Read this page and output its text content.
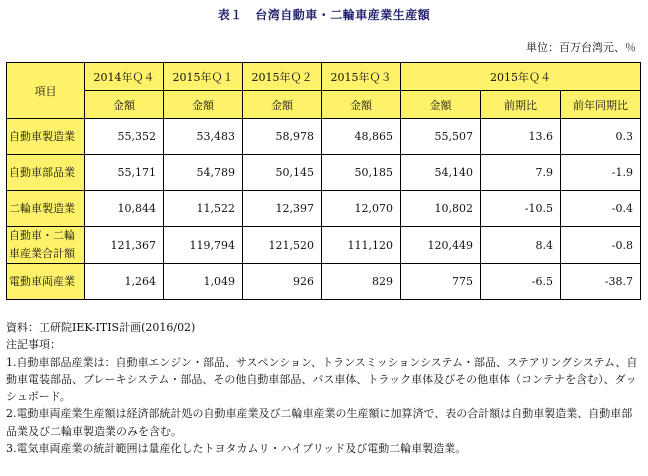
表１　台湾自動車・二輪車産業生産額
単位：百万台湾元、％
項目	2014年Ｑ４	2015年Ｑ１	2015年Ｑ２	2015年Ｑ３	2015年Ｑ４		
	金額	金額	金額	金額	金額	前期比	前年同期比
自動車製造業	55,352	53,483	58,978	48,865	55,507	13.6	0.3
自動車部品業	55,171	54,789	50,145	50,185	54,140	7.9	-1.9
二輪車製造業	10,844	11,522	12,397	12,070	10,802	-10.5	-0.4
自動車・二輪車産業合計額	121,367	119,794	121,520	111,120	120,449	8.4	-0.8
電動車両産業	1,264	1,049	926	829	775	-6.5	-38.7

資料：工研院IEK-ITIS計画(2016/02)

注記事項：

1.自動車部品産業は：自動車エンジン・部品、サスペンション、トランスミッションシステム・部品、ステアリングシステム、自動車電装部品、ブレーキシステム・部品、その他自動車部品、バス車体、トラック車体及びその他車体（コンテナを含む）、ダッシュボード。

2.電動車両産業生産額は経済部統計処の自動車産業及び二輪車産業の生産額に加算済で、表の合計額は自動車製造業、自動車部品業及び二輪車製造業のみを含む。

3.電気車両産業の統計範囲は量産化したトヨタカムリ・ハイブリッド及び電動二輪車製造業。
